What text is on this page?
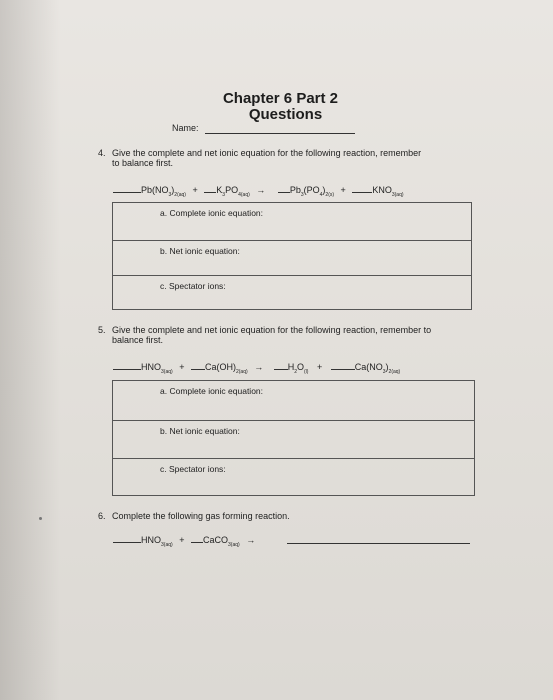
Chapter 6 Part 2
Questions
Name:
4. Give the complete and net ionic equation for the following reaction, remember
to balance first.
$Pb(NO_3)_{2(aq)} + K_3PO_{4(aq)}$ →	$Pb_3(PO_4)_{2(s)}$ +	$KNO_{3(aq)}$
a. Complete ionic equation:
b. Net ionic equation:
c. Spectator ions:
5. Give the complete and net ionic equation for the following reaction, remember to
balance first.
$HNO_{3(aq)} + Ca(OH)_{2(aq)}$ →	$H_2O_{(l)}$ +	$Ca(NO_3)_{2(aq)}$
a. Complete ionic equation:
b. Net ionic equation:
c. Spectator ions:
6. Complete the following gas forming reaction.
$HNO_{3(aq)}$ + CaCO$_{3(aq)}$ →
